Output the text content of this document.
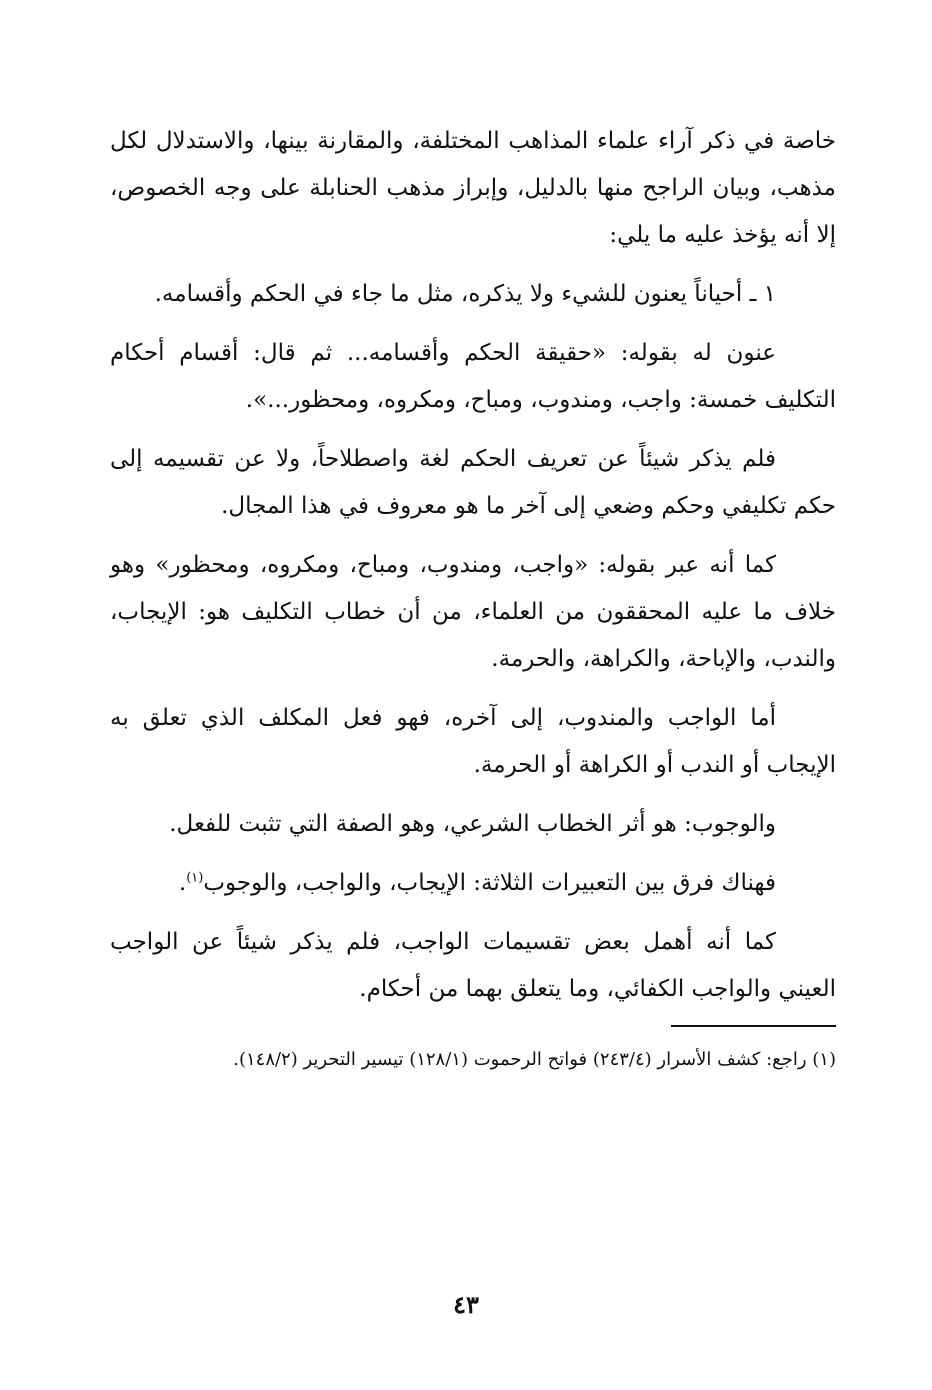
خاصة في ذكر آراء علماء المذاهب المختلفة، والمقارنة بينها، والاستدلال لكل مذهب، وبيان الراجح منها بالدليل، وإبراز مذهب الحنابلة على وجه الخصوص، إلا أنه يؤخذ عليه ما يلي:

١ ـ أحياناً يعنون للشيء ولا يذكره، مثل ما جاء في الحكم وأقسامه.

عنون له بقوله: «حقيقة الحكم وأقسامه... ثم قال: أقسام أحكام التكليف خمسة: واجب، ومندوب، ومباح، ومكروه، ومحظور...».

فلم يذكر شيئاً عن تعريف الحكم لغة واصطلاحاً، ولا عن تقسيمه إلى حكم تكليفي وحكم وضعي إلى آخر ما هو معروف في هذا المجال.

كما أنه عبر بقوله: «واجب، ومندوب، ومباح، ومكروه، ومحظور» وهو خلاف ما عليه المحققون من العلماء، من أن خطاب التكليف هو: الإيجاب، والندب، والإباحة، والكراهة، والحرمة.

أما الواجب والمندوب، إلى آخره، فهو فعل المكلف الذي تعلق به الإيجاب أو الندب أو الكراهة أو الحرمة.

والوجوب: هو أثر الخطاب الشرعي، وهو الصفة التي تثبت للفعل.

فهناك فرق بين التعبيرات الثلاثة: الإيجاب، والواجب، والوجوب$^{(١)}$.

كما أنه أهمل بعض تقسيمات الواجب، فلم يذكر شيئاً عن الواجب العيني والواجب الكفائي، وما يتعلق بهما من أحكام.

(١) راجع: كشف الأسرار (٢٤٣/٤) فواتح الرحموت (١٢٨/١) تيسير التحرير (١٤٨/٢).

٤٣
